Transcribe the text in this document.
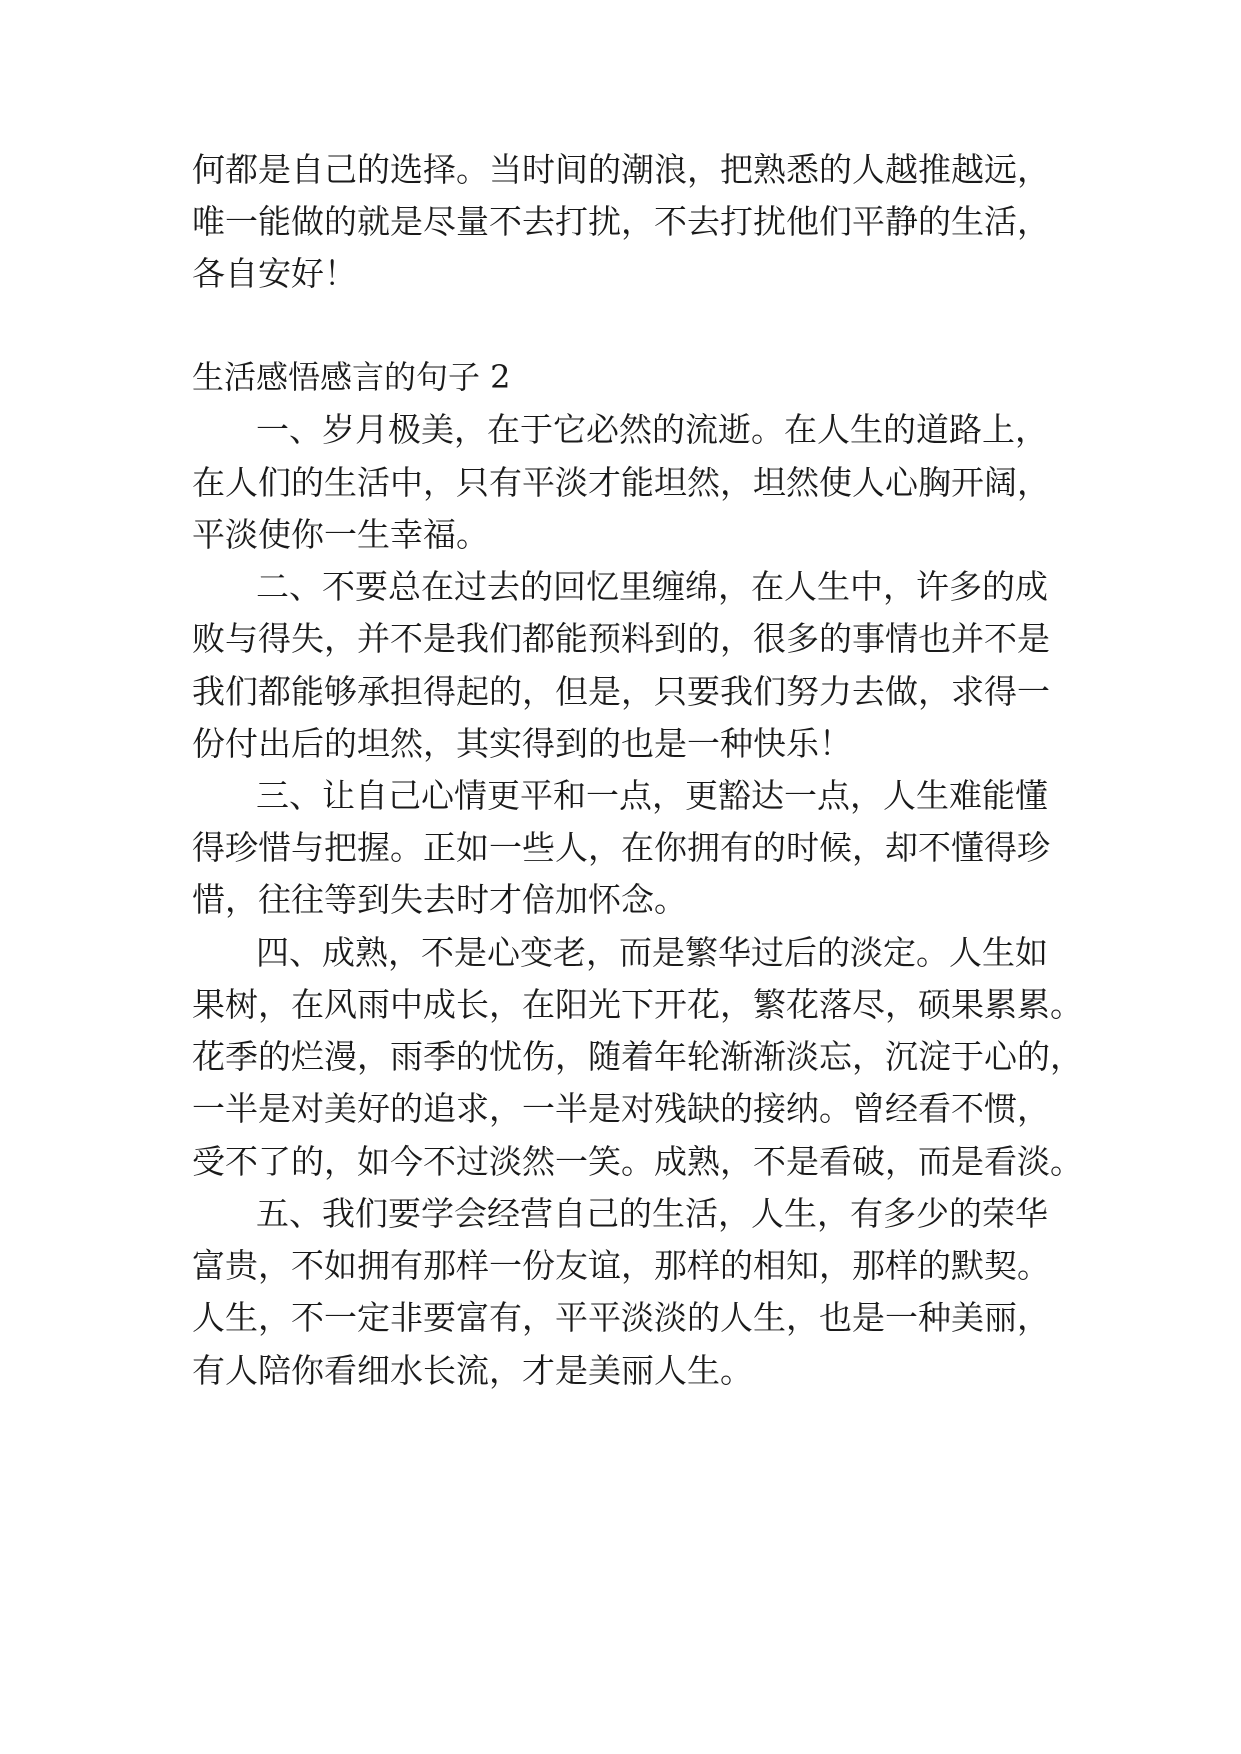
何都是自己的选择。当时间的潮浪，把熟悉的人越推越远，
唯一能做的就是尽量不去打扰，不去打扰他们平静的生活，
各自安好！
生活感悟感言的句子 2
一、岁月极美，在于它必然的流逝。在人生的道路上，
在人们的生活中，只有平淡才能坦然，坦然使人心胸开阔，
平淡使你一生幸福。
二、不要总在过去的回忆里缠绵，在人生中，许多的成
败与得失，并不是我们都能预料到的，很多的事情也并不是
我们都能够承担得起的，但是，只要我们努力去做，求得一
份付出后的坦然，其实得到的也是一种快乐！
三、让自己心情更平和一点，更豁达一点，人生难能懂
得珍惜与把握。正如一些人，在你拥有的时候，却不懂得珍
惜，往往等到失去时才倍加怀念。
四、成熟，不是心变老，而是繁华过后的淡定。人生如
果树，在风雨中成长，在阳光下开花，繁花落尽，硕果累累。
花季的烂漫，雨季的忧伤，随着年轮渐渐淡忘，沉淀于心的，
一半是对美好的追求，一半是对残缺的接纳。曾经看不惯，
受不了的，如今不过淡然一笑。成熟，不是看破，而是看淡。
五、我们要学会经营自己的生活，人生，有多少的荣华
富贵，不如拥有那样一份友谊，那样的相知，那样的默契。
人生，不一定非要富有，平平淡淡的人生，也是一种美丽，
有人陪你看细水长流，才是美丽人生。
